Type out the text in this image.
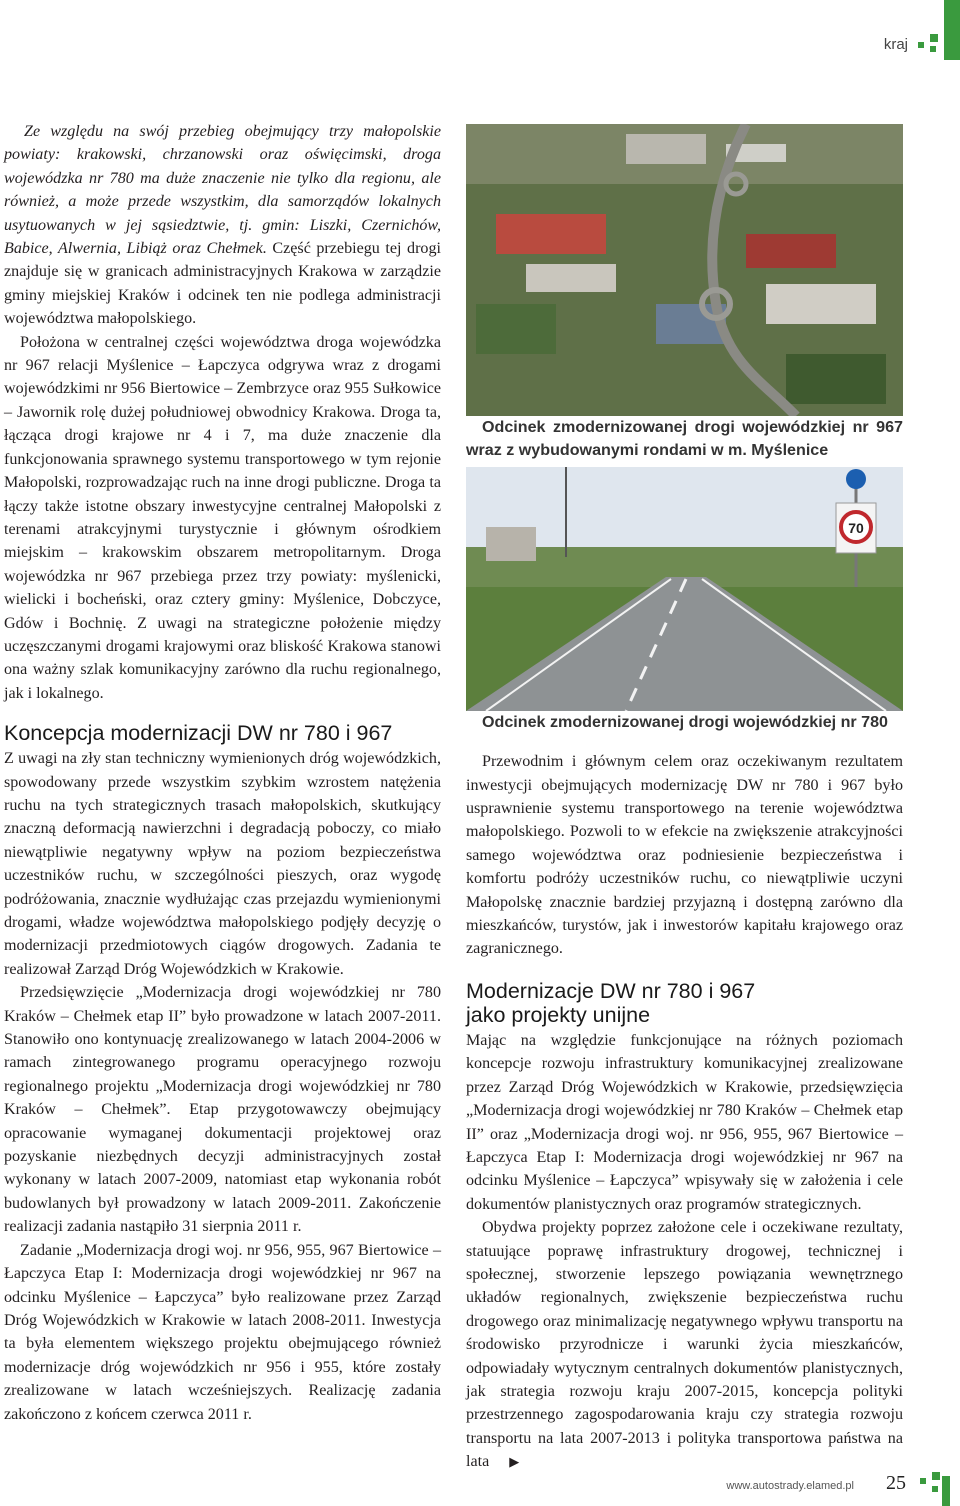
kraj

Ze względu na swój przebieg obejmujący trzy małopolskie powiaty: krakowski, chrzanowski oraz oświęcimski, droga wojewódzka nr 780 ma duże znaczenie nie tylko dla regionu, ale również, a może przede wszystkim, dla samorządów lokalnych usytuowanych w jej sąsiedztwie, tj. gmin: Liszki, Czernichów, Babice, Alwernia, Libiąż oraz Chełmek. Część przebiegu tej drogi znajduje się w granicach administracyjnych Krakowa w zarządzie gminy miejskiej Kraków i odcinek ten nie podlega administracji województwa małopolskiego.

Położona w centralnej części województwa droga wojewódzka nr 967 relacji Myślenice – Łapczyca odgrywa wraz z drogami wojewódzkimi nr 956 Biertowice – Zembrzyce oraz 955 Sułkowice – Jawornik rolę dużej południowej obwodnicy Krakowa. Droga ta, łącząca drogi krajowe nr 4 i 7, ma duże znaczenie dla funkcjonowania sprawnego systemu transportowego w tym rejonie Małopolski, rozprowadzając ruch na inne drogi publiczne. Droga ta łączy także istotne obszary inwestycyjne centralnej Małopolski z terenami atrakcyjnymi turystycznie i głównym ośrodkiem miejskim – krakowskim obszarem metropolitarnym. Droga wojewódzka nr 967 przebiega przez trzy powiaty: myślenicki, wielicki i bocheński, oraz cztery gminy: Myślenice, Dobczyce, Gdów i Bochnię. Z uwagi na strategiczne położenie między uczęszczanymi drogami krajowymi oraz bliskość Krakowa stanowi ona ważny szlak komunikacyjny zarówno dla ruchu regionalnego, jak i lokalnego.

Koncepcja modernizacji DW nr 780 i 967

Z uwagi na zły stan techniczny wymienionych dróg wojewódzkich, spowodowany przede wszystkim szybkim wzrostem natężenia ruchu na tych strategicznych trasach małopolskich, skutkujący znaczną deformacją nawierzchni i degradacją poboczy, co miało niewątpliwie negatywny wpływ na poziom bezpieczeństwa uczestników ruchu, w szczególności pieszych, oraz wygodę podróżowania, znacznie wydłużając czas przejazdu wymienionymi drogami, władze województwa małopolskiego podjęły decyzję o modernizacji przedmiotowych ciągów drogowych. Zadania te realizował Zarząd Dróg Wojewódzkich w Krakowie.

Przedsięwzięcie „Modernizacja drogi wojewódzkiej nr 780 Kraków – Chełmek etap II” było prowadzone w latach 2007-2011. Stanowiło ono kontynuację zrealizowanego w latach 2004-2006 w ramach zintegrowanego programu operacyjnego rozwoju regionalnego projektu „Modernizacja drogi wojewódzkiej nr 780 Kraków – Chełmek”. Etap przygotowawczy obejmujący opracowanie wymaganej dokumentacji projektowej oraz pozyskanie niezbędnych decyzji administracyjnych został wykonany w latach 2007-2009, natomiast etap wykonania robót budowlanych był prowadzony w latach 2009-2011. Zakończenie realizacji zadania nastąpiło 31 sierpnia 2011 r.

Zadanie „Modernizacja drogi woj. nr 956, 955, 967 Biertowice – Łapczyca Etap I: Modernizacja drogi wojewódzkiej nr 967 na odcinku Myślenice – Łapczyca” było realizowane przez Zarząd Dróg Wojewódzkich w Krakowie w latach 2008-2011. Inwestycja ta była elementem większego projektu obejmującego również modernizacje dróg wojewódzkich nr 956 i 955, które zostały zrealizowane w latach wcześniejszych. Realizację zadania zakończono z końcem czerwca 2011 r.

Odcinek zmodernizowanej drogi wojewódzkiej nr 967 wraz z wybudowanymi rondami w m. Myślenice

70

Odcinek zmodernizowanej drogi wojewódzkiej nr 780

Przewodnim i głównym celem oraz oczekiwanym rezultatem inwestycji obejmujących modernizację DW nr 780 i 967 było usprawnienie systemu transportowego na terenie województwa małopolskiego. Pozwoli to w efekcie na zwiększenie atrakcyjności samego województwa oraz podniesienie bezpieczeństwa i komfortu podróży uczestników ruchu, co niewątpliwie uczyni Małopolskę znacznie bardziej przyjazną i dostępną zarówno dla mieszkańców, turystów, jak i inwestorów kapitału krajowego oraz zagranicznego.

Modernizacje DW nr 780 i 967
jako projekty unijne

Mając na względzie funkcjonujące na różnych poziomach koncepcje rozwoju infrastruktury komunikacyjnej zrealizowane przez Zarząd Dróg Wojewódzkich w Krakowie, przedsięwzięcia „Modernizacja drogi wojewódzkiej nr 780 Kraków – Chełmek etap II” oraz „Modernizacja drogi woj. nr 956, 955, 967 Biertowice – Łapczyca Etap I: Modernizacja drogi wojewódzkiej nr 967 na odcinku Myślenice – Łapczyca” wpisywały się w założenia i cele dokumentów planistycznych oraz programów strategicznych.

Obydwa projekty poprzez założone cele i oczekiwane rezultaty, statuujące poprawę infrastruktury drogowej, technicznej i społecznej, stworzenie lepszego powiązania wewnętrznego układów regionalnych, zwiększenie bezpieczeństwa ruchu drogowego oraz minimalizację negatywnego wpływu transportu na środowisko przyrodnicze i warunki życia mieszkańców, odpowiadały wytycznym centralnych dokumentów planistycznych, jak strategia rozwoju kraju 2007-2015, koncepcja polityki przestrzennego zagospodarowania kraju czy strategia rozwoju transportu na lata 2007-2013 i polityka transportowa państwa na lata ▶

www.autostrady.elamed.pl 25
